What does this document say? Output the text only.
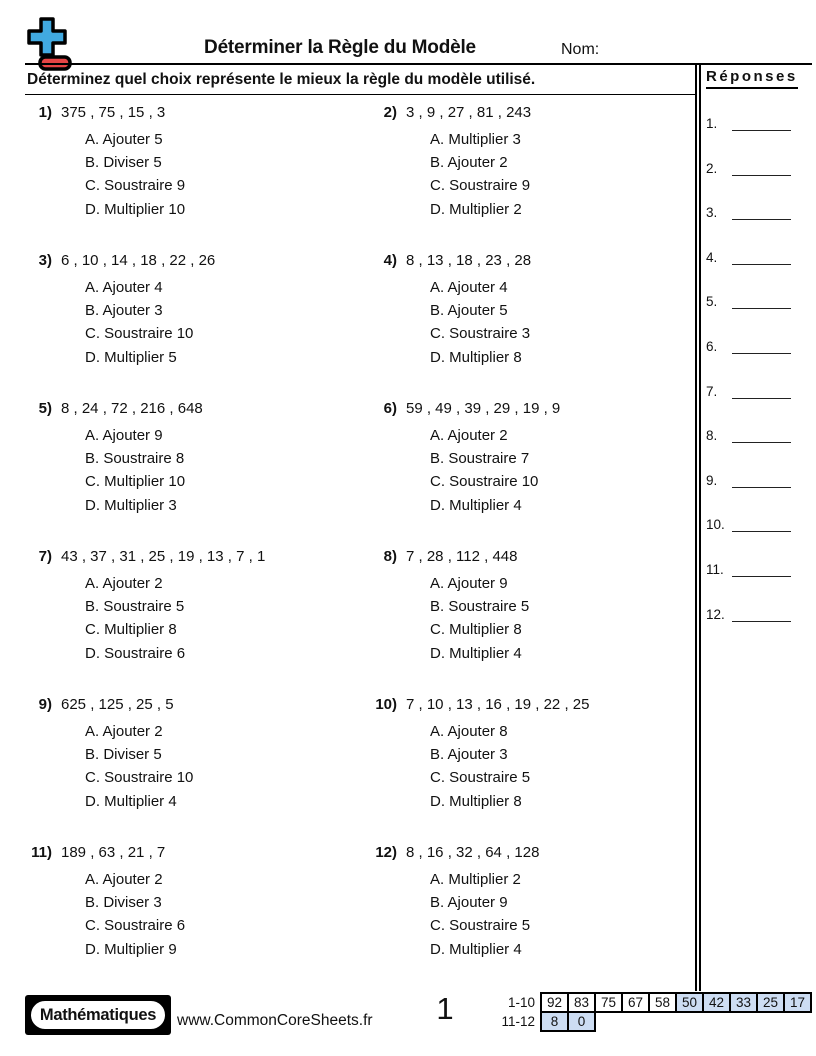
Déterminer la Règle du Modèle	Nom:
Déterminez quel choix représente le mieux la règle du modèle utilisé.
1) 375 , 75 , 15 , 3
A. Ajouter 5
B. Diviser 5
C. Soustraire 9
D. Multiplier 10
2) 3 , 9 , 27 , 81 , 243
A. Multiplier 3
B. Ajouter 2
C. Soustraire 9
D. Multiplier 2
3) 6 , 10 , 14 , 18 , 22 , 26
A. Ajouter 4
B. Ajouter 3
C. Soustraire 10
D. Multiplier 5
4) 8 , 13 , 18 , 23 , 28
A. Ajouter 4
B. Ajouter 5
C. Soustraire 3
D. Multiplier 8
5) 8 , 24 , 72 , 216 , 648
A. Ajouter 9
B. Soustraire 8
C. Multiplier 10
D. Multiplier 3
6) 59 , 49 , 39 , 29 , 19 , 9
A. Ajouter 2
B. Soustraire 7
C. Soustraire 10
D. Multiplier 4
7) 43 , 37 , 31 , 25 , 19 , 13 , 7 , 1
A. Ajouter 2
B. Soustraire 5
C. Multiplier 8
D. Soustraire 6
8) 7 , 28 , 112 , 448
A. Ajouter 9
B. Soustraire 5
C. Multiplier 8
D. Multiplier 4
9) 625 , 125 , 25 , 5
A. Ajouter 2
B. Diviser 5
C. Soustraire 10
D. Multiplier 4
10) 7 , 10 , 13 , 16 , 19 , 22 , 25
A. Ajouter 8
B. Ajouter 3
C. Soustraire 5
D. Multiplier 8
11) 189 , 63 , 21 , 7
A. Ajouter 2
B. Diviser 3
C. Soustraire 6
D. Multiplier 9
12) 8 , 16 , 32 , 64 , 128
A. Multiplier 2
B. Ajouter 9
C. Soustraire 5
D. Multiplier 4
Réponses
1.
2.
3.
4.
5.
6.
7.
8.
9.
10.
11.
12.
Mathématiques	www.CommonCoreSheets.fr	1	1-10	92	83	75	67	58	50	42	33	25	17
11-12	8	0								
